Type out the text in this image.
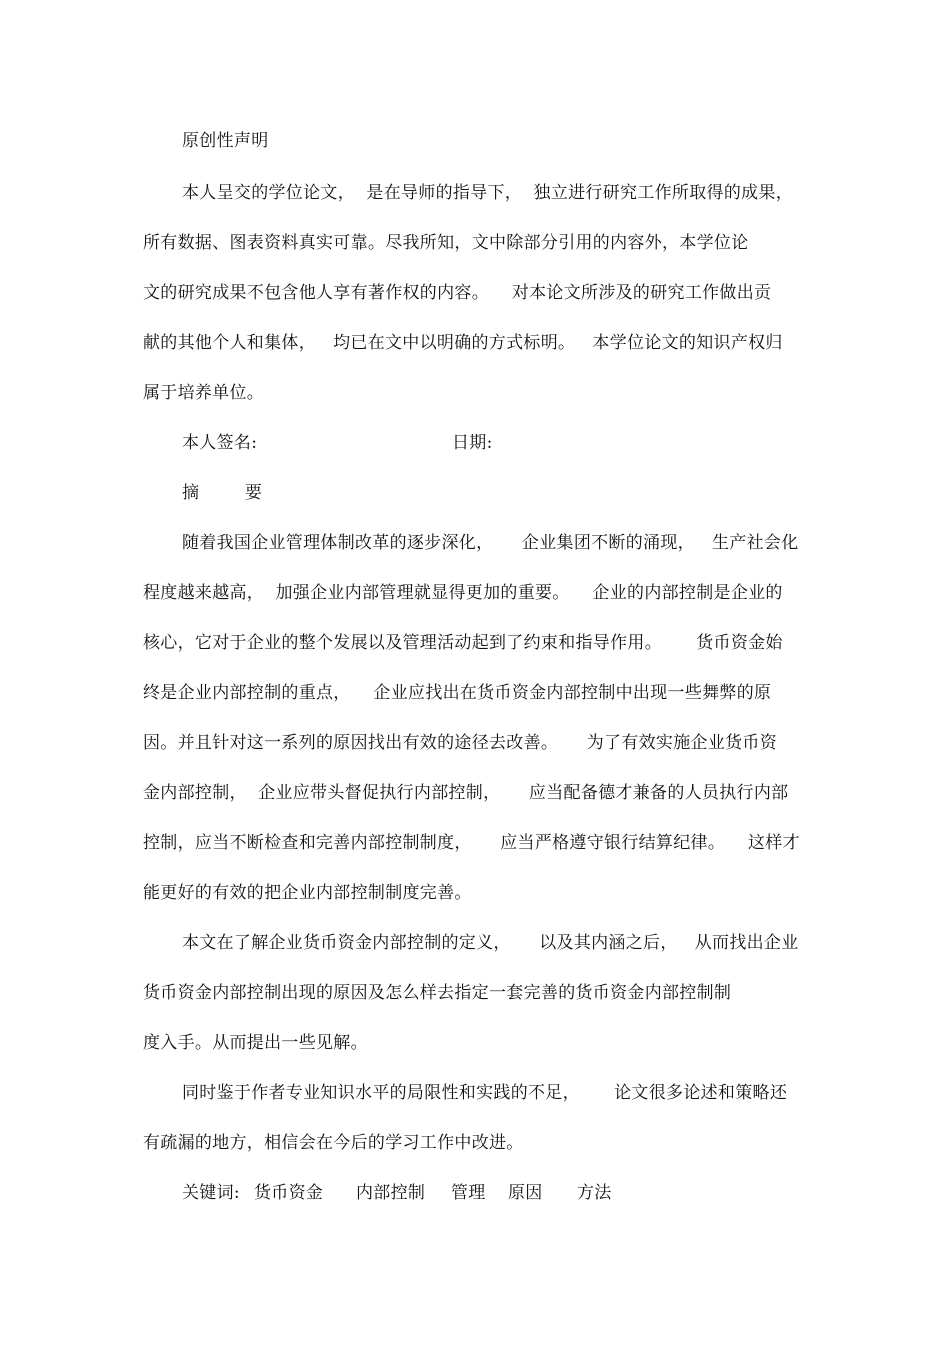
原创性声明
本人呈交的学位论文，  是在导师的指导下，  独立进行研究工作所取得的成果，
所有数据、图表资料真实可靠。尽我所知，文中除部分引用的内容外，本学位论
文的研究成果不包含他人享有著作权的内容。    对本论文所涉及的研究工作做出贡
献的其他个人和集体，   均已在文中以明确的方式标明。   本学位论文的知识产权归
属于培养单位。
本人签名:	日期:
摘        要
随着我国企业管理体制改革的逐步深化，     企业集团不断的涌现，   生产社会化
程度越来越高，  加强企业内部管理就显得更加的重要。    企业的内部控制是企业的
核心，它对于企业的整个发展以及管理活动起到了约束和指导作用。      货币资金始
终是企业内部控制的重点，    企业应找出在货币资金内部控制中出现一些舞弊的原
因。并且针对这一系列的原因找出有效的途径去改善。     为了有效实施企业货币资
金内部控制，  企业应带头督促执行内部控制，     应当配备德才兼备的人员执行内部
控制，应当不断检查和完善内部控制制度，     应当严格遵守银行结算纪律。    这样才
能更好的有效的把企业内部控制制度完善。
本文在了解企业货币资金内部控制的定义，     以及其内涵之后，   从而找出企业
货币资金内部控制出现的原因及怎么样去指定一套完善的货币资金内部控制制
度入手。从而提出一些见解。
同时鉴于作者专业知识水平的局限性和实践的不足，      论文很多论述和策略还
有疏漏的地方，相信会在今后的学习工作中改进。
关键词: 货币资金 内部控制 管理 原因 方法
